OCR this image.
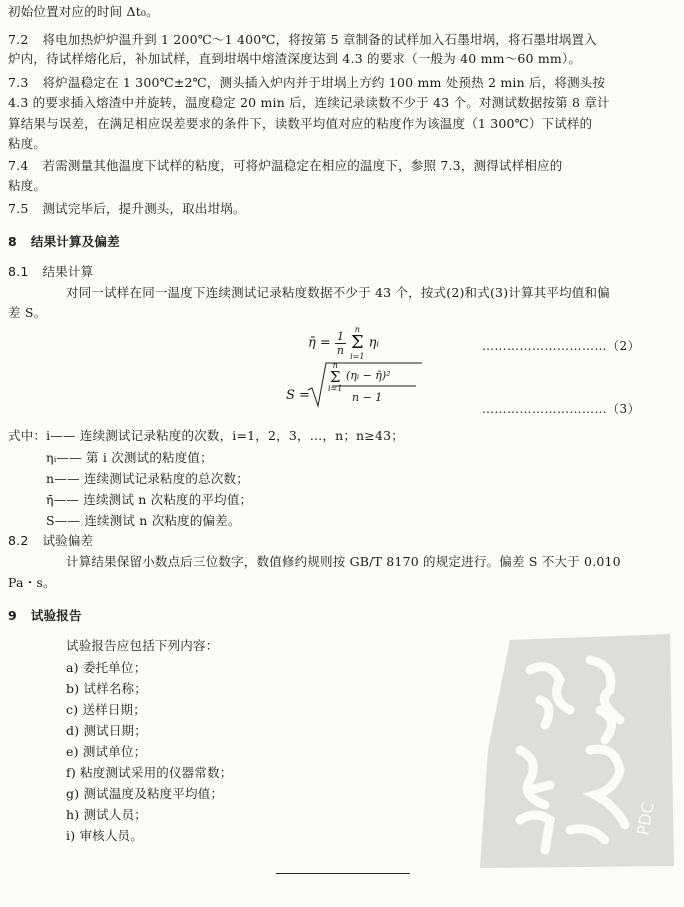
初始位置对应的时间 Δt₀。
7.2 将电加热炉炉温升到 1 200℃～1 400℃，将按第 5 章制备的试样加入石墨坩埚，将石墨坩埚置入
炉内，待试样熔化后，补加试样，直到坩埚中熔渣深度达到 4.3 的要求（一般为 40 mm～60 mm）。
7.3 将炉温稳定在 1 300℃±2℃，测头插入炉内并于坩埚上方约 100 mm 处预热 2 min 后，将测头按
4.3 的要求插入熔渣中并旋转，温度稳定 20 min 后，连续记录读数不少于 43 个。对测试数据按第 8 章计
算结果与误差，在满足相应误差要求的条件下，读数平均值对应的粘度作为该温度（1 300℃）下试样的
粘度。
7.4 若需测量其他温度下试样的粘度，可将炉温稳定在相应的温度下，参照 7.3，测得试样相应的
粘度。
7.5 测试完毕后，提升测头，取出坩埚。
8 结果计算及偏差
8.1 结果计算
对同一试样在同一温度下连续测试记录粘度数据不少于 43 个，按式(2)和式(3)计算其平均值和偏
差 S。
η̄ = $\frac{1}{n}$
	n
Σ
i=1
ηᵢ	…………………………（2）
S =
n
Σ
i=1
(ηᵢ − η̄)²
n − 1
…………………………（3）
式中：i—— 连续测试记录粘度的次数，i=1，2，3，…，n；n≥43；
ηᵢ—— 第 i 次测试的粘度值；
n—— 连续测试记录粘度的总次数；
η̄—— 连续测试 n 次粘度的平均值；
S—— 连续测试 n 次粘度的偏差。
8.2 试验偏差
计算结果保留小数点后三位数字，数值修约规则按 GB/T 8170 的规定进行。偏差 S 不大于 0.010
Pa・s。
9 试验报告
试验报告应包括下列内容：
a) 委托单位；
b) 试样名称；
c) 送样日期；
d) 测试日期；
e) 测试单位；
f) 粘度测试采用的仪器常数；
g) 测试温度及粘度平均值；
h) 测试人员；
i) 审核人员。	PDC
